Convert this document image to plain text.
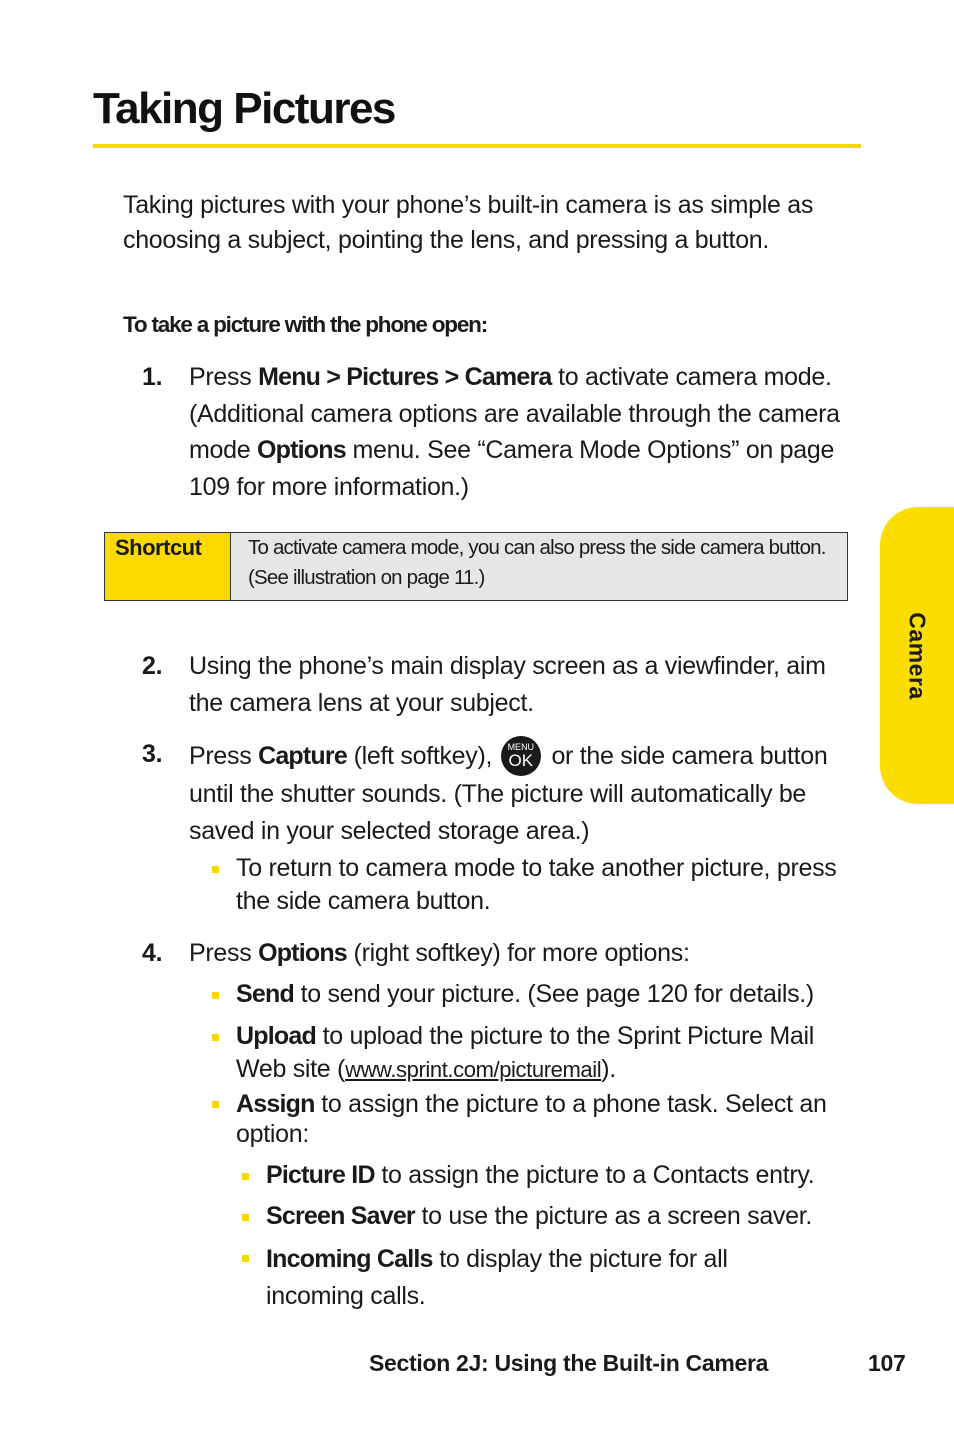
Taking Pictures

Taking pictures with your phone’s built-in camera is as simple as choosing a subject, pointing the lens, and pressing a button.

To take a picture with the phone open:

1. Press Menu > Pictures > Camera to activate camera mode. (Additional camera options are available through the camera mode Options menu. See “Camera Mode Options” on page 109 for more information.)
Shortcut	To activate camera mode, you can also press the side camera button. (See illustration on page 11.)
2. Using the phone’s main display screen as a viewfinder, aim the camera lens at your subject.
3. Press Capture (left softkey), MENU
OK or the side camera button until the shutter sounds. (The picture will automatically be saved in your selected storage area.)
To return to camera mode to take another picture, press the side camera button.
4. Press Options (right softkey) for more options:
Send to send your picture. (See page 120 for details.)
Upload to upload the picture to the Sprint Picture Mail Web site (www.sprint.com/picturemail).
Assign to assign the picture to a phone task. Select an option:
Picture ID to assign the picture to a Contacts entry.
Screen Saver to use the picture as a screen saver.
Incoming Calls to display the picture for all incoming calls.
Camera
Section 2J: Using the Built-in Camera	107
